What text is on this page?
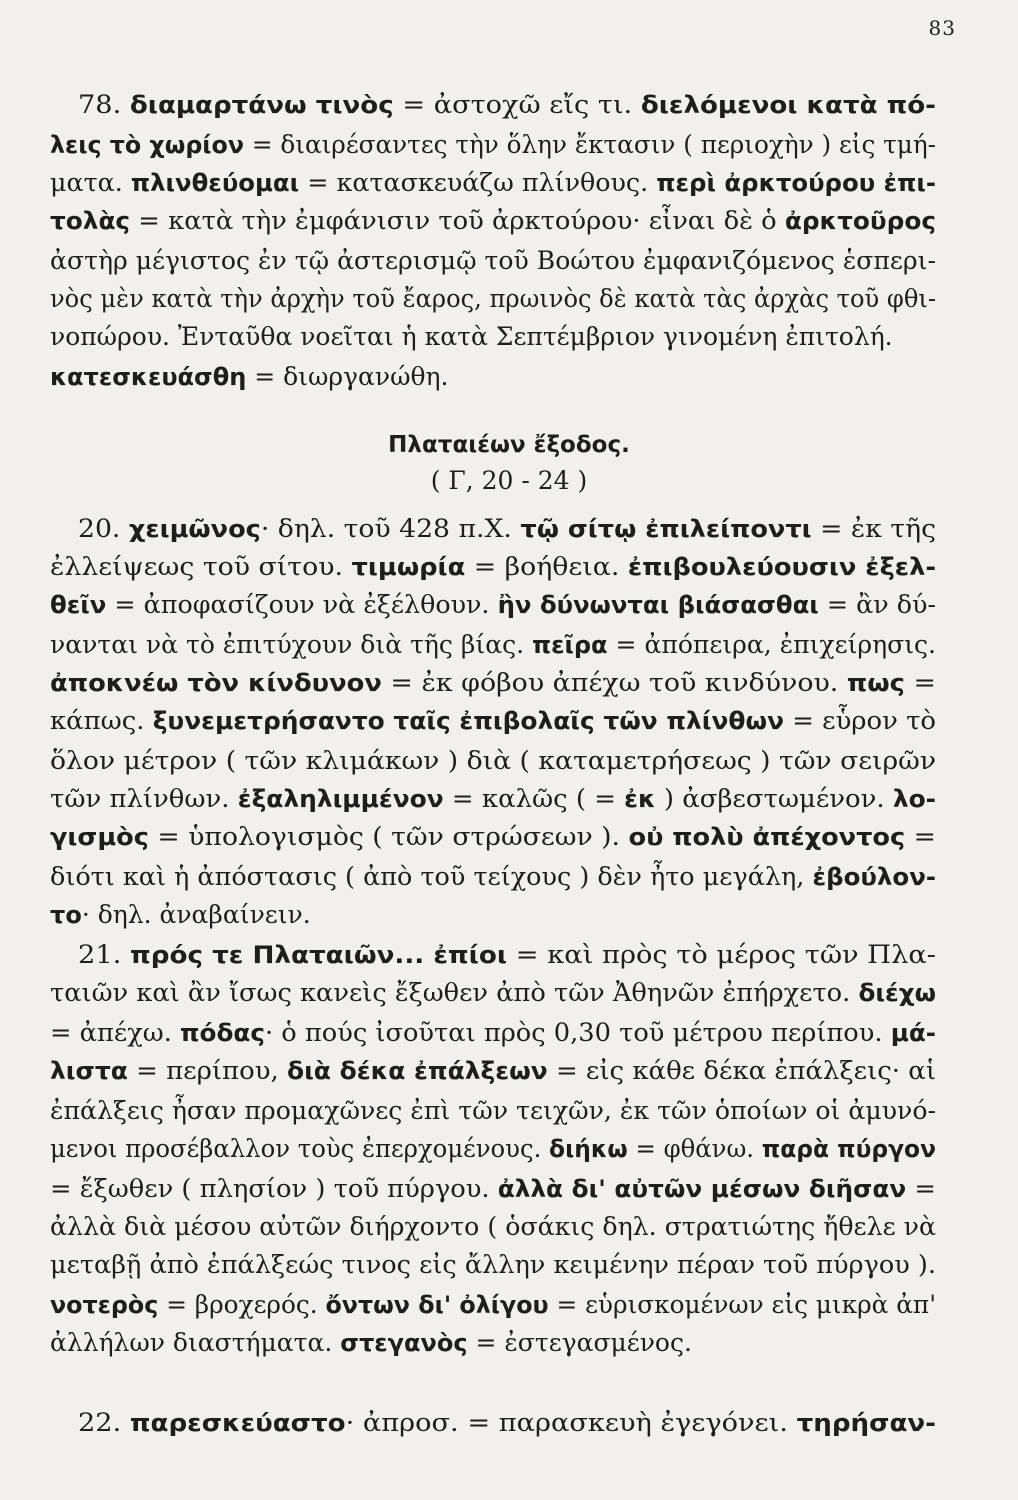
83
Πλαταιέων ἔξοδος.
( Γ, 20 - 24 )
78. διαμαρτάνω τινὸς = ἀστοχῶ εἴς τι. διελόμενοι κατὰ πό-
λεις τὸ χωρίον = διαιρέσαντες τὴν ὅλην ἔκτασιν ( περιοχὴν ) εἰς τμή-
ματα. πλινθεύομαι = κατασκευάζω πλίνθους. περὶ ἀρκτούρου ἐπι-
τολὰς = κατὰ τὴν ἐμφάνισιν τοῦ ἀρκτούρου· εἶναι δὲ ὁ ἀρκτοῦρος
ἀστὴρ μέγιστος ἐν τῷ ἀστερισμῷ τοῦ Βοώτου ἐμφανιζόμενος ἑσπερι-
νὸς μὲν κατὰ τὴν ἀρχὴν τοῦ ἔαρος, πρωινὸς δὲ κατὰ τὰς ἀρχὰς τοῦ φθι-
νοπώρου. Ἐνταῦθα νοεῖται ἡ κατὰ Σεπτέμβριον γινομένη ἐπιτολή.
κατεσκευάσθη = διωργανώθη.
20. χειμῶνος· δηλ. τοῦ 428 π.Χ. τῷ σίτῳ ἐπιλείποντι = ἐκ τῆς
ἐλλείψεως τοῦ σίτου. τιμωρία = βοήθεια. ἐπιβουλεύουσιν ἐξελ-
θεῖν = ἀποφασίζουν νὰ ἐξέλθουν. ἢν δύνωνται βιάσασθαι = ἂν δύ-
νανται νὰ τὸ ἐπιτύχουν διὰ τῆς βίας. πεῖρα = ἀπόπειρα, ἐπιχείρησις.
ἀποκνέω τὸν κίνδυνον = ἐκ φόβου ἀπέχω τοῦ κινδύνου. πως =
κάπως. ξυνεμετρήσαντο ταῖς ἐπιβολαῖς τῶν πλίνθων = εὗρον τὸ
ὅλον μέτρον ( τῶν κλιμάκων ) διὰ ( καταμετρήσεως ) τῶν σειρῶν
τῶν πλίνθων. ἐξαληλιμμένον = καλῶς ( = ἐκ ) ἀσβεστωμένον. λο-
γισμὸς = ὑπολογισμὸς ( τῶν στρώσεων ). οὐ πολὺ ἀπέχοντος =
διότι καὶ ἡ ἀπόστασις ( ἀπὸ τοῦ τείχους ) δὲν ἦτο μεγάλη, ἐβούλον-
το· δηλ. ἀναβαίνειν.
21. πρός τε Πλαταιῶν... ἐπίοι = καὶ πρὸς τὸ μέρος τῶν Πλα-
ταιῶν καὶ ἂν ἴσως κανεὶς ἔξωθεν ἀπὸ τῶν Ἀθηνῶν ἐπήρχετο. διέχω
= ἀπέχω. πόδας· ὁ πούς ἰσοῦται πρὸς 0,30 τοῦ μέτρου περίπου. μά-
λιστα = περίπου, διὰ δέκα ἐπάλξεων = εἰς κάθε δέκα ἐπάλξεις· αἱ
ἐπάλξεις ἦσαν προμαχῶνες ἐπὶ τῶν τειχῶν, ἐκ τῶν ὁποίων οἱ ἀμυνό-
μενοι προσέβαλλον τοὺς ἐπερχομένους. διήκω = φθάνω. παρὰ πύργον
= ἔξωθεν ( πλησίον ) τοῦ πύργου. ἀλλὰ δι' αὐτῶν μέσων διῆσαν =
ἀλλὰ διὰ μέσου αὐτῶν διήρχοντο ( ὁσάκις δηλ. στρατιώτης ἤθελε νὰ
μεταβῇ ἀπὸ ἐπάλξεώς τινος εἰς ἄλλην κειμένην πέραν τοῦ πύργου ).
νοτερὸς = βροχερός. ὄντων δι' ὀλίγου = εὑρισκομένων εἰς μικρὰ ἀπ'
ἀλλήλων διαστήματα. στεγανὸς = ἐστεγασμένος.
22. παρεσκεύαστο· ἀπροσ. = παρασκευὴ ἐγεγόνει. τηρήσαν-
